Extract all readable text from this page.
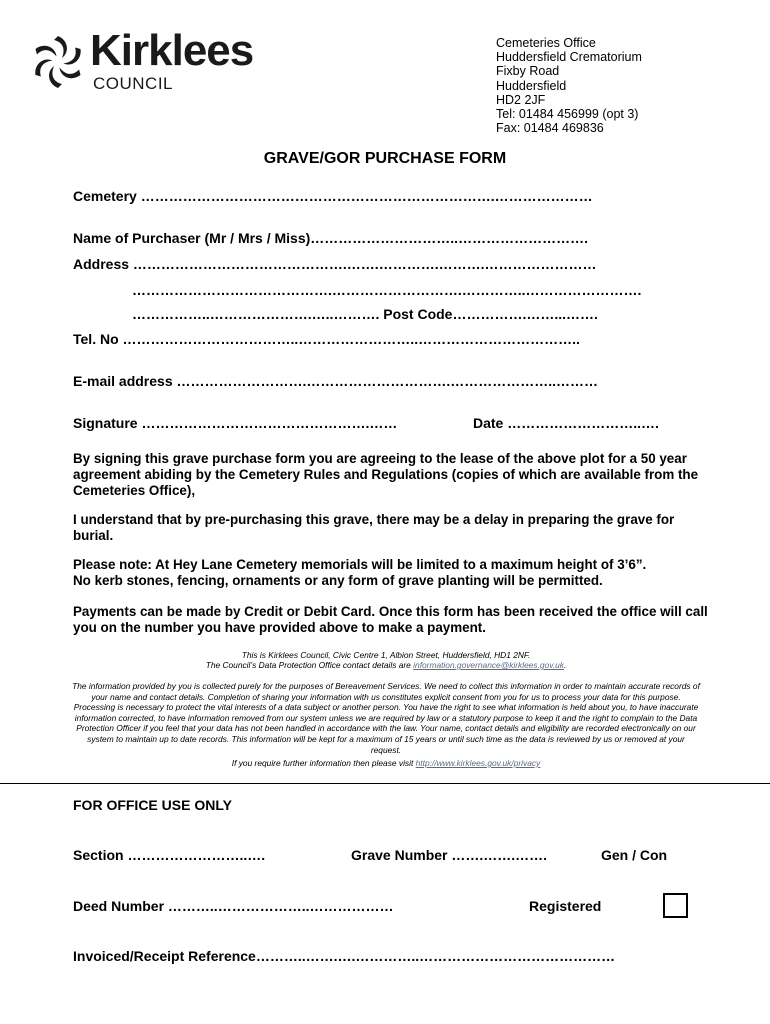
Kirklees
COUNCIL
Cemeteries Office
Huddersfield Crematorium
Fixby Road
Huddersfield
HD2 2JF
Tel: 01484 456999 (opt 3)
Fax: 01484 469836
GRAVE/GOR PURCHASE FORM
Cemetery ………………………………………………………………….…………………
Name of Purchaser (Mr / Mrs / Miss)…………………………..……………………….
Address ……………………………………….…….………….……….……………………
…………………………………….……………………….…………..…………………….
……………..………………….…..………. Post Code…………….……...…….
Tel. No ………………………………..……………………..……………………………..
E-mail address ……………………….………………………….…………………..………
Signature ………………………………………….……	Date ………………………..….
By signing this grave purchase form you are agreeing to the lease of the above plot for a 50 year agreement abiding by the Cemetery Rules and Regulations (copies of which are available from the Cemeteries Office),
I understand that by pre-purchasing this grave, there may be a delay in preparing the grave for burial.
Please note: At Hey Lane Cemetery memorials will be limited to a maximum height of 3’6”.
No kerb stones, fencing, ornaments or any form of grave planting will be permitted.
Payments can be made by Credit or Debit Card. Once this form has been received the office will call you on the number you have provided above to make a payment.
This is Kirklees Council, Civic Centre 1, Albion Street, Huddersfield, HD1 2NF.
The Council’s Data Protection Office contact details are information.governance@kirklees.gov.uk.
The information provided by you is collected purely for the purposes of Bereavement Services. We need to collect this information in order to maintain accurate records of your name and contact details. Completion of sharing your information with us constitutes explicit consent from you for us to process your data for this purpose. Processing is necessary to protect the vital interests of a data subject or another person. You have the right to see what information is held about you, to have inaccurate information corrected, to have information removed from our system unless we are required by law or a statutory purpose to keep it and the right to complain to the Data Protection Officer if you feel that your data has not been handled in accordance with the law. Your name, contact details and eligibility are recorded electronically on our system to maintain up to date records. This information will be kept for a maximum of 15 years or until such time as the data is reviewed by us or removed at your request.
If you require further information then please visit http://www.kirklees.gov.uk/privacy
FOR OFFICE USE ONLY
Section ……………………..….	Grave Number …….…….…….	Gen / Con
Deed Number ………..………………..………………	Registered
Invoiced/Receipt Reference………..…….….…………..……………………………………
